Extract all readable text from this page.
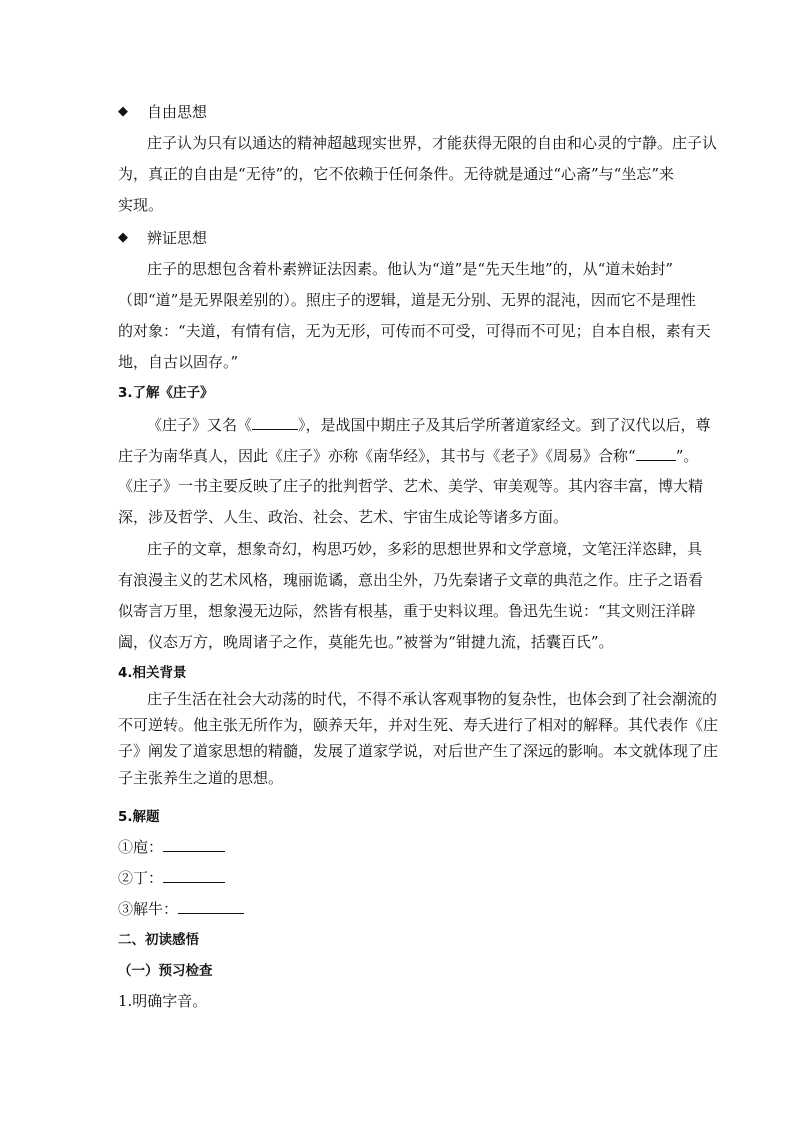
◆ 自由思想
庄子认为只有以通达的精神超越现实世界，才能获得无限的自由和心灵的宁静。庄子认
为，真正的自由是“无待”的，它不依赖于任何条件。无待就是通过“心斋”与“坐忘”来
实现。
◆ 辨证思想
庄子的思想包含着朴素辨证法因素。他认为“道”是“先天生地”的，从“道未始封”
（即“道”是无界限差别的）。照庄子的逻辑，道是无分别、无界的混沌，因而它不是理性
的对象：“夫道，有情有信，无为无形，可传而不可受，可得而不可见；自本自根，素有天
地，自古以固存。”
3.了解《庄子》
《庄子》又名《	》，是战国中期庄子及其后学所著道家经文。到了汉代以后，尊
庄子为南华真人，因此《庄子》亦称《南华经》，其书与《老子》《周易》合称“	”。
《庄子》一书主要反映了庄子的批判哲学、艺术、美学、审美观等。其内容丰富，博大精
深，涉及哲学、人生、政治、社会、艺术、宇宙生成论等诸多方面。
庄子的文章，想象奇幻，构思巧妙，多彩的思想世界和文学意境，文笔汪洋恣肆，具
有浪漫主义的艺术风格，瑰丽诡谲，意出尘外，乃先秦诸子文章的典范之作。庄子之语看
似寄言万里，想象漫无边际，然皆有根基，重于史料议理。鲁迅先生说：“其文则汪洋辟
阖，仪态万方，晚周诸子之作，莫能先也。”被誉为“钳揵九流，括囊百氏”。
4.相关背景
庄子生活在社会大动荡的时代，不得不承认客观事物的复杂性，也体会到了社会潮流的
不可逆转。他主张无所作为，颐养天年，并对生死、寿夭进行了相对的解释。其代表作《庄
子》阐发了道家思想的精髓，发展了道家学说，对后世产生了深远的影响。本文就体现了庄
子主张养生之道的思想。
5.解题
①庖：
②丁：
③解牛：
二、初读感悟
（一）预习检查
1.明确字音。
